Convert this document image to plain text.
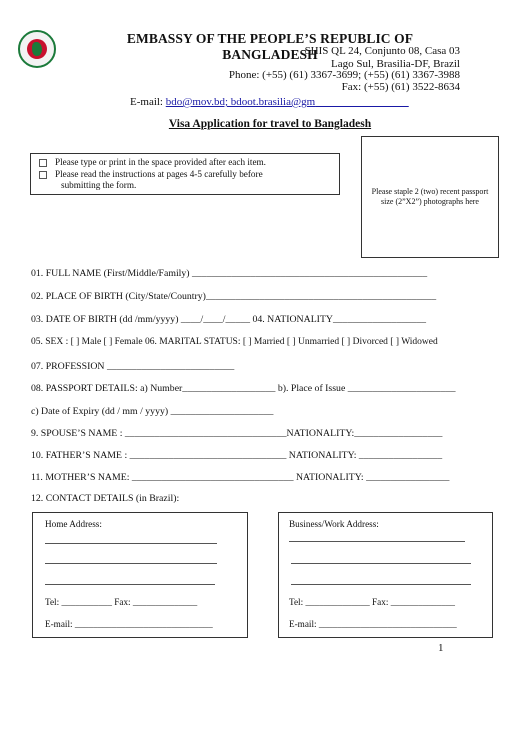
EMBASSY OF THE PEOPLE’S REPUBLIC OF BANGLADESH
SHIS QL 24, Conjunto 08, Casa 03
Lago Sul, Brasilia-DF, Brazil
Phone: (+55) (61) 3367-3699; (+55) (61) 3367-3988
Fax: (+55) (61) 3522-8634
E-mail: bdo@mov.bd; bdoot.brasilia@gm_________________
Visa Application for travel to Bangladesh
Please type or print in the space provided after each item.
Please read the instructions at pages 4-5 carefully before
submitting the form.
Please staple 2 (two) recent passport size (2”X2”) photographs here
01. FULL NAME (First/Middle/Family) ________________________________________________
02. PLACE OF BIRTH (City/State/Country)_______________________________________________
03. DATE OF BIRTH (dd /mm/yyyy) ____/____/_____ 04. NATIONALITY___________________
05. SEX : [ ] Male [ ] Female 06. MARITAL STATUS: [ ] Married [ ] Unmarried [ ] Divorced [ ] Widowed
07. PROFESSION __________________________
08. PASSPORT DETAILS: a) Number___________________ b). Place of Issue ______________________
c) Date of Expiry (dd / mm / yyyy) _____________________
9. SPOUSE’S NAME : _________________________________NATIONALITY:__________________
10. FATHER’S NAME : ________________________________ NATIONALITY: _________________
11. MOTHER’S NAME: _________________________________ NATIONALITY: _________________
12. CONTACT DETAILS (in Brazil):
Home Address:
Tel: ___________ Fax: ______________
E-mail: ______________________________
Business/Work Address:
Tel: ______________ Fax: ______________
E-mail: ______________________________
1
